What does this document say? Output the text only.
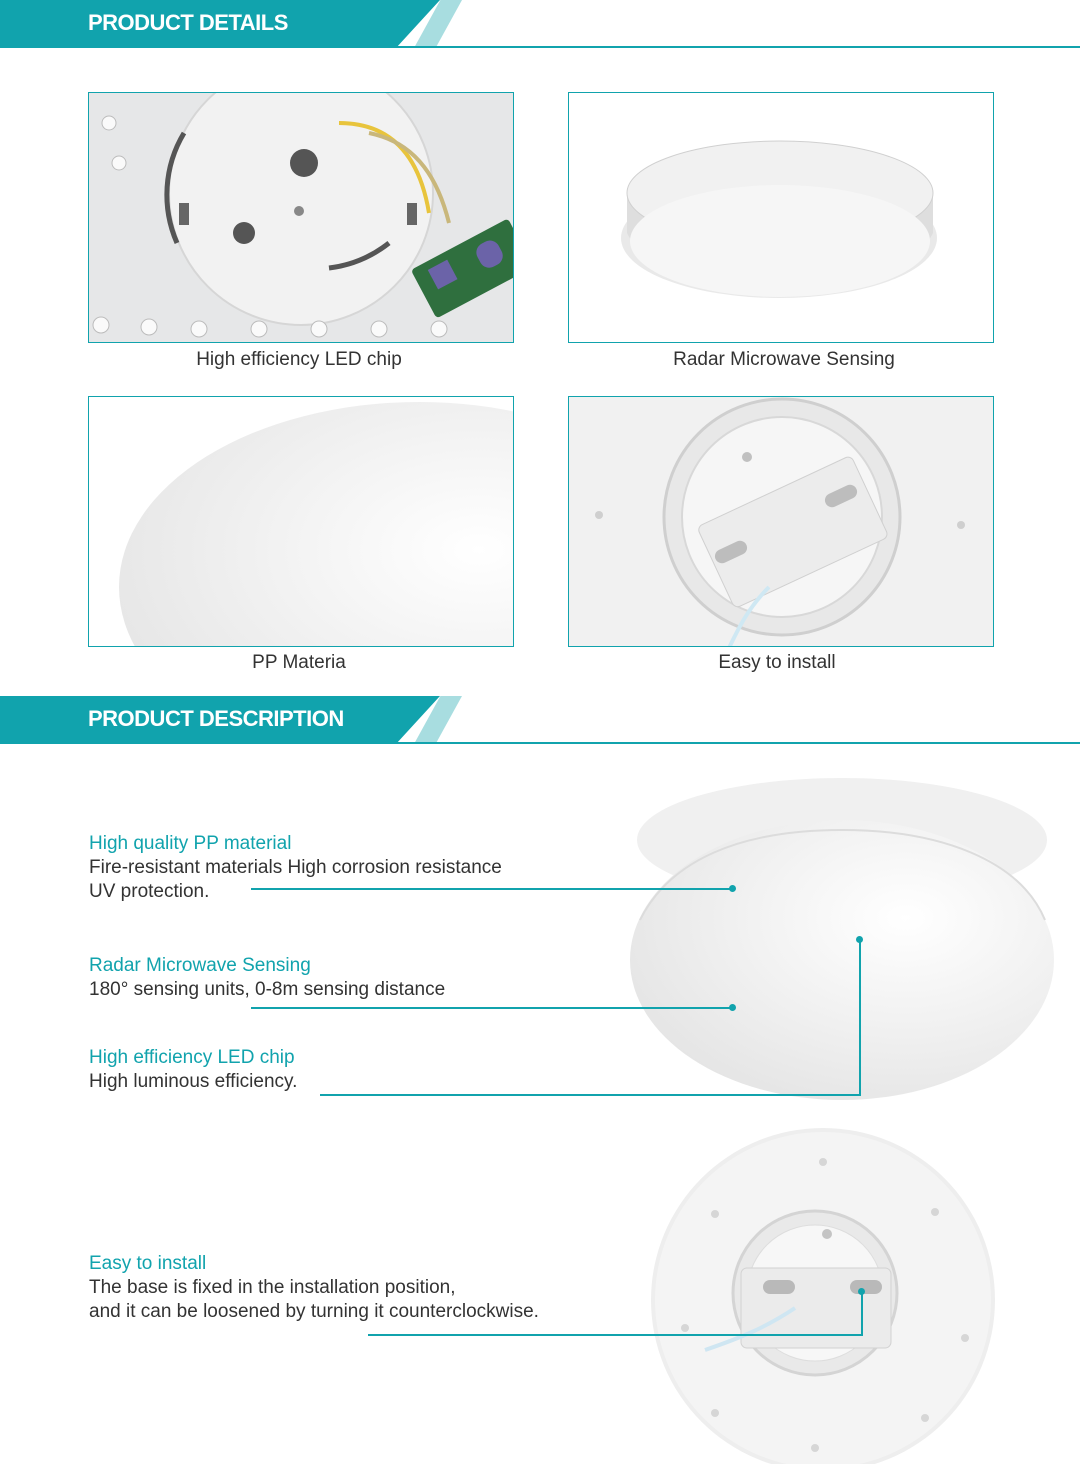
PRODUCT DETAILS
High efficiency LED chip	Radar Microwave Sensing
PP Materia	Easy to install
PRODUCT DESCRIPTION
High quality PP material
Fire-resistant materials High corrosion resistance
UV protection.
Radar Microwave Sensing
180° sensing units, 0-8m sensing distance
High efficiency LED chip
High luminous efficiency.
Easy to install
The base is fixed in the installation position,
and it can be loosened by turning it counterclockwise.
